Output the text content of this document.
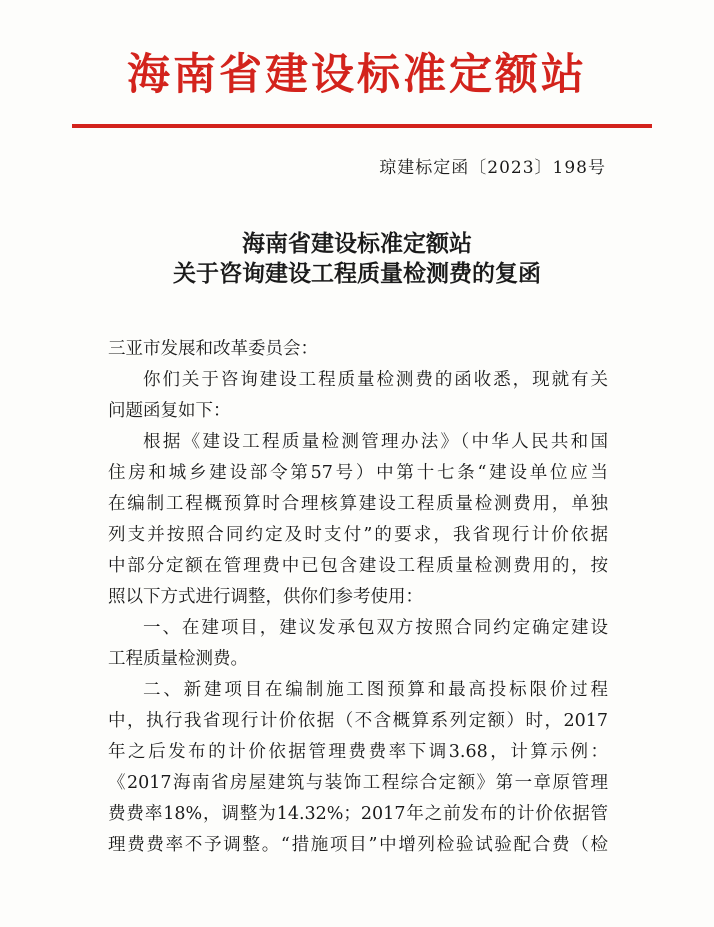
海南省建设标准定额站
琼建标定函〔2023〕198号
海南省建设标准定额站
关于咨询建设工程质量检测费的复函
三亚市发展和改革委员会：
你们关于咨询建设工程质量检测费的函收悉，现就有关
问题函复如下：
根据《建设工程质量检测管理办法》（中华人民共和国
住房和城乡建设部令第57号）中第十七条“建设单位应当
在编制工程概预算时合理核算建设工程质量检测费用，单独
列支并按照合同约定及时支付”的要求，我省现行计价依据
中部分定额在管理费中已包含建设工程质量检测费用的，按
照以下方式进行调整，供你们参考使用：
一、在建项目，建议发承包双方按照合同约定确定建设
工程质量检测费。
二、新建项目在编制施工图预算和最高投标限价过程
中，执行我省现行计价依据（不含概算系列定额）时，2017
年之后发布的计价依据管理费费率下调3.68，计算示例：
《2017海南省房屋建筑与装饰工程综合定额》第一章原管理
费费率18%，调整为14.32%；2017年之前发布的计价依据管
理费费率不予调整。“措施项目”中增列检验试验配合费（检
